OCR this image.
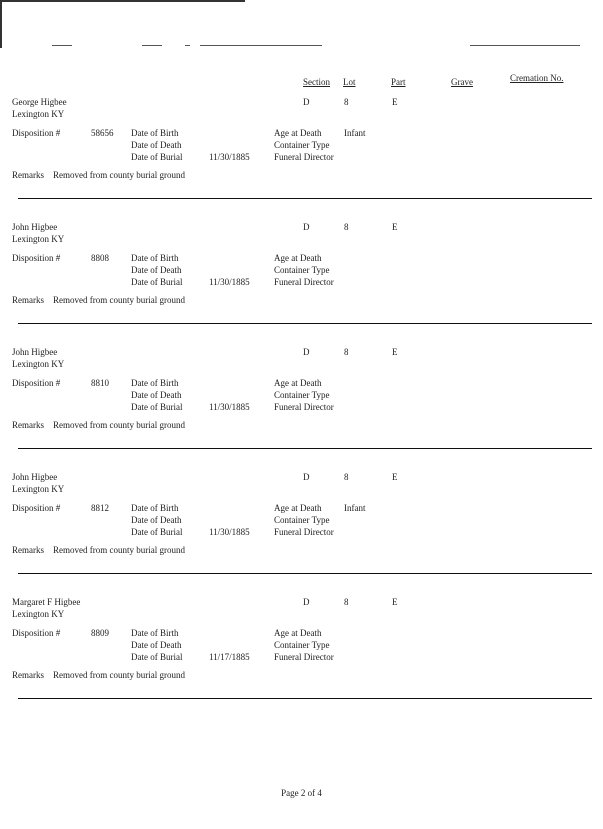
Section Lot	Part	Grave	Cremation No.
George Higbee
Lexington KY
D	8	E
Disposition #	58656 Date of Birth
Date of Death
Date of Burial	11/30/1885
Age at Death	Infant
Container Type
Funeral Director
Remarks Removed from county burial ground
John Higbee
Lexington KY
D	8	E
Disposition #	8808 Date of Birth
Date of Death
Date of Burial	11/30/1885
Age at Death
Container Type
Funeral Director
Remarks Removed from county burial ground
John Higbee
Lexington KY
D	8	E
Disposition #	8810 Date of Birth
Date of Death
Date of Burial	11/30/1885
Age at Death
Container Type
Funeral Director
Remarks Removed from county burial ground
John Higbee
Lexington KY
D	8	E
Disposition #	8812 Date of Birth
Date of Death
Date of Burial	11/30/1885
Age at Death	Infant
Container Type
Funeral Director
Remarks Removed from county burial ground
Margaret F Higbee
Lexington KY
D	8	E
Disposition #	8809 Date of Birth
Date of Death
Date of Burial	11/17/1885
Age at Death
Container Type
Funeral Director
Remarks Removed from county burial ground
Page 2 of 4
